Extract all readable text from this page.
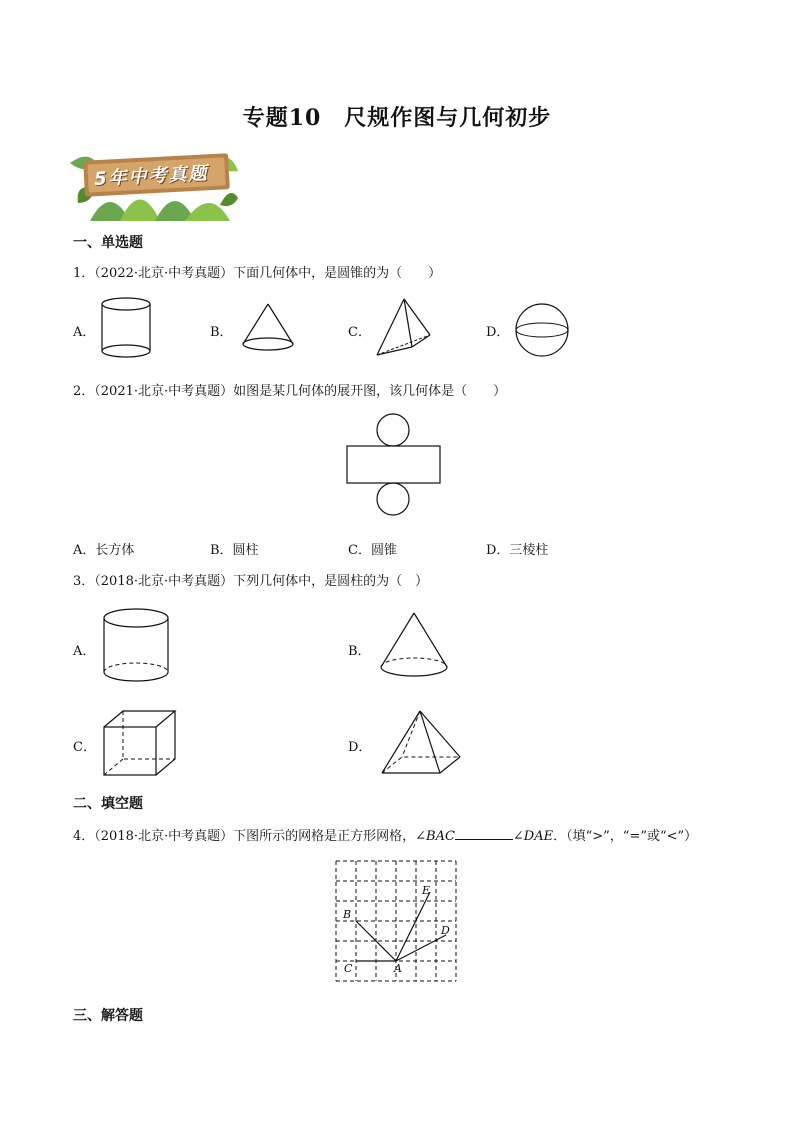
专题10　尺规作图与几何初步
5年中考真题
一、单选题
1．（2022·北京·中考真题）下面几何体中，是圆锥的为（　　）
A．	B．	C．	D．
2．（2021·北京·中考真题）如图是某几何体的展开图，该几何体是（　　）
A．长方体	B．圆柱	C．圆锥	D．三棱柱
3．（2018·北京·中考真题）下列几何体中，是圆柱的为（　）
A．	B．
C．	D．
二、填空题
4．（2018·北京·中考真题）下图所示的网格是正方形网格，∠BAC	∠DAE．（填“>”，“=”或“<”）
B
E
D
C	A
三、解答题
